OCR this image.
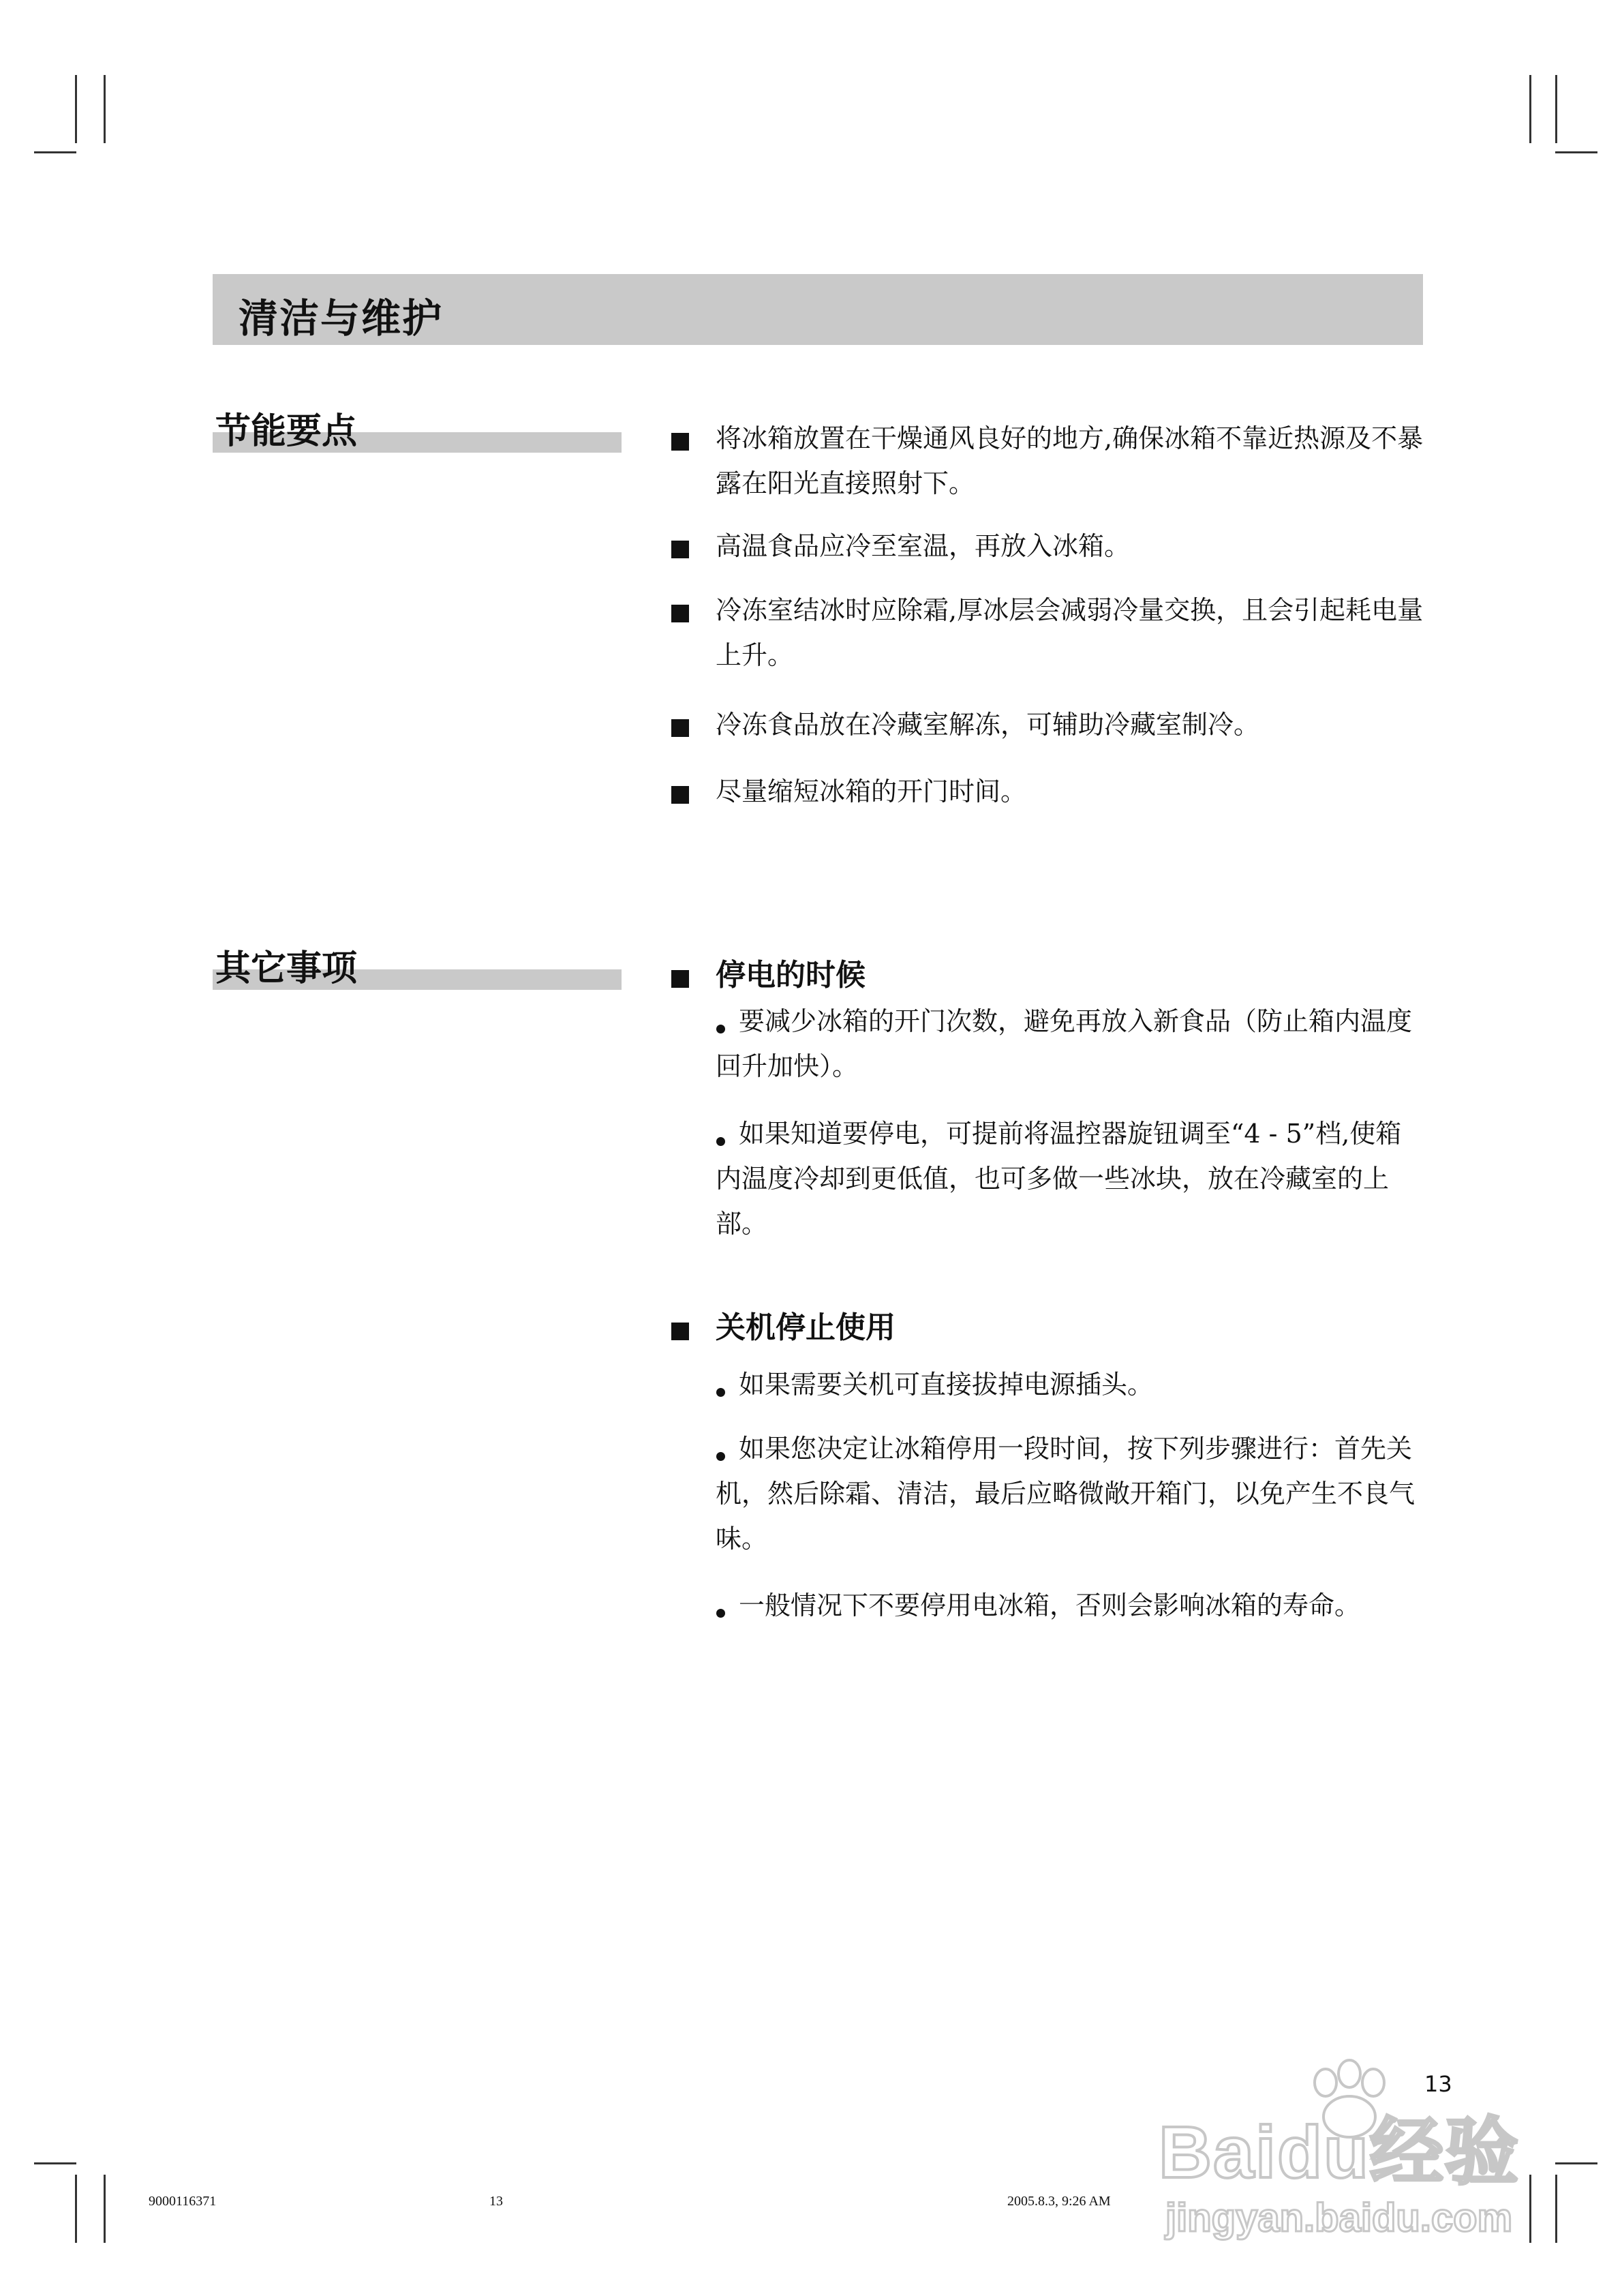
清洁与维护
节能要点	将冰箱放置在干燥通风良好的地方,确保冰箱不靠近热源及不暴露在阳光直接照射下。
高温食品应冷至室温，再放入冰箱。
冷冻室结冰时应除霜,厚冰层会减弱冷量交换，且会引起耗电量上升。
冷冻食品放在冷藏室解冻，可辅助冷藏室制冷。
尽量缩短冰箱的开门时间。
其它事项	停电的时候
要减少冰箱的开门次数，避免再放入新食品（防止箱内温度回升加快）。
如果知道要停电，可提前将温控器旋钮调至“4 - 5”档,使箱内温度冷却到更低值，也可多做一些冰块，放在冷藏室的上部。
关机停止使用
如果需要关机可直接拔掉电源插头。
如果您决定让冰箱停用一段时间，按下列步骤进行：首先关机，然后除霜、清洁，最后应略微敞开箱门，以免产生不良气味。
一般情况下不要停用电冰箱，否则会影响冰箱的寿命。
13
9000116371	13	2005.8.3, 9:26 AM
Baidu经验
jingyan.baidu.com
